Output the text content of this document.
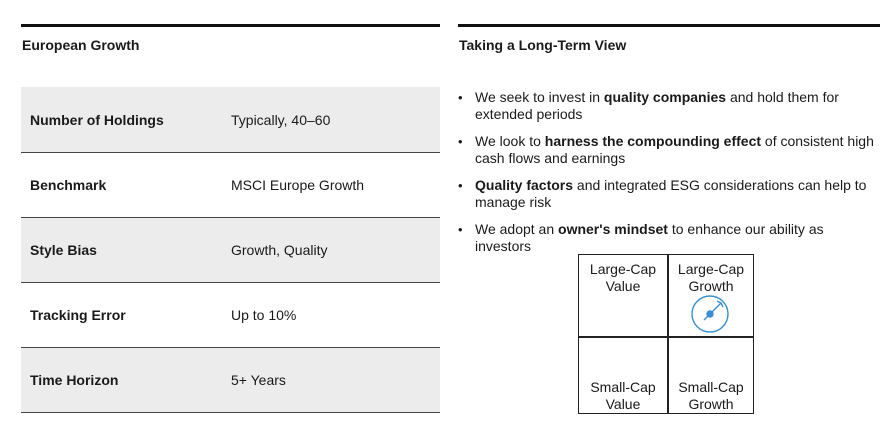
European Growth
Number of Holdings	Typically, 40–60
Benchmark	MSCI Europe Growth
Style Bias	Growth, Quality
Tracking Error	Up to 10%
Time Horizon	5+ Years
Taking a Long-Term View
• We seek to invest in quality companies and hold them for extended periods
• We look to harness the compounding effect of consistent high cash flows and earnings
• Quality factors and integrated ESG considerations can help to manage risk
• We adopt an owner's mindset to enhance our ability as investors
Large-Cap
Value
Large-Cap
Growth
Small-Cap
Value
Small-Cap
Growth
